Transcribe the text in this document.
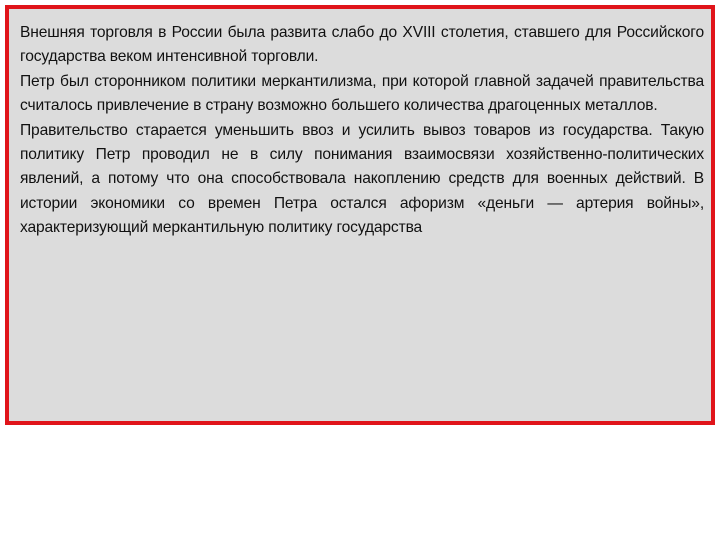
Внешняя торговля в России была развита слабо до XVIII столетия, ставшего для Российского государства веком интенсивной торговли.

Петр был сторонником политики меркантилизма, при которой главной задачей правительства считалось привлечение в страну возможно большего количества драгоценных металлов.

Правительство старается уменьшить ввоз и усилить вывоз товаров из государства. Такую политику Петр проводил не в силу понимания взаимосвязи хозяйственно-политических явлений, а потому что она способствовала накоплению средств для военных действий. В истории экономики со времен Петра остался афоризм «деньги — артерия войны», характеризующий меркантильную политику государства
